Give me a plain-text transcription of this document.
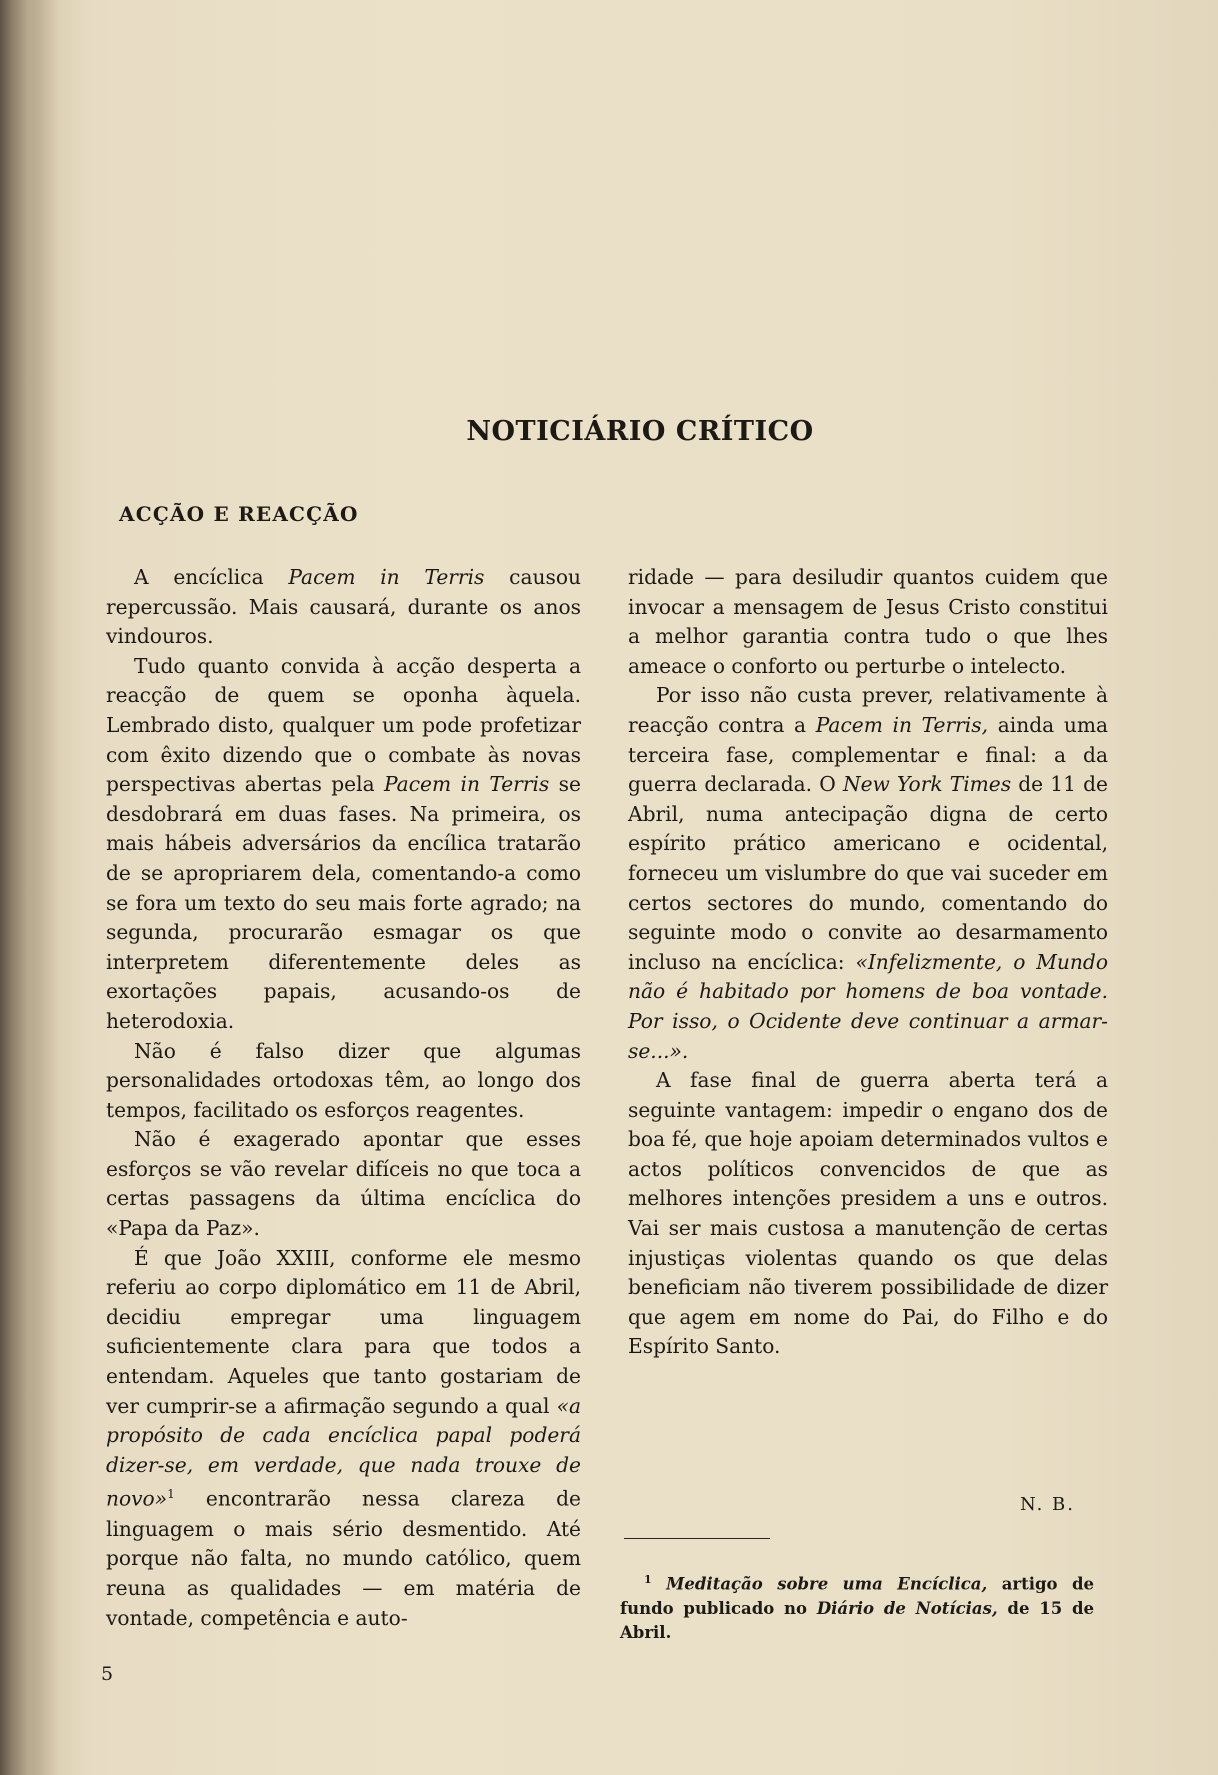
NOTICIÁRIO CRÍTICO
ACÇÃO E REACÇÃO

A encíclica Pacem in Terris causou repercussão. Mais causará, durante os anos vindouros.

Tudo quanto convida à acção desperta a reacção de quem se oponha àquela. Lembrado disto, qualquer um pode profetizar com êxito dizendo que o combate às novas perspectivas abertas pela Pacem in Terris se desdobrará em duas fases. Na primeira, os mais hábeis adversários da encílica tratarão de se apropriarem dela, comentando-a como se fora um texto do seu mais forte agrado; na segunda, procurarão esmagar os que interpretem diferentemente deles as exortações papais, acusando-os de heterodoxia.

Não é falso dizer que algumas personalidades ortodoxas têm, ao longo dos tempos, facilitado os esforços reagentes.

Não é exagerado apontar que esses esforços se vão revelar difíceis no que toca a certas passagens da última encíclica do «Papa da Paz».

É que João XXIII, conforme ele mesmo referiu ao corpo diplomático em 11 de Abril, decidiu empregar uma linguagem suficientemente clara para que todos a entendam. Aqueles que tanto gostariam de ver cumprir-se a afirmação segundo a qual «a propósito de cada encíclica papal poderá dizer-se, em verdade, que nada trouxe de novo»$^1$ encontrarão nessa clareza de linguagem o mais sério desmentido. Até porque não falta, no mundo católico, quem reuna as qualidades — em matéria de vontade, competência e auto-

ridade — para desiludir quantos cuidem que invocar a mensagem de Jesus Cristo constitui a melhor garantia contra tudo o que lhes ameace o conforto ou perturbe o intelecto.

Por isso não custa prever, relativamente à reacção contra a Pacem in Terris, ainda uma terceira fase, complementar e final: a da guerra declarada. O New York Times de 11 de Abril, numa antecipação digna de certo espírito prático americano e ocidental, forneceu um vislumbre do que vai suceder em certos sectores do mundo, comentando do seguinte modo o convite ao desarmamento incluso na encíclica: «Infelizmente, o Mundo não é habitado por homens de boa vontade. Por isso, o Ocidente deve continuar a armar-se...».

A fase final de guerra aberta terá a seguinte vantagem: impedir o engano dos de boa fé, que hoje apoiam determinados vultos e actos políticos convencidos de que as melhores intenções presidem a uns e outros. Vai ser mais custosa a manutenção de certas injustiças violentas quando os que delas beneficiam não tiverem possibilidade de dizer que agem em nome do Pai, do Filho e do Espírito Santo.

N. B.

$^1$ Meditação sobre uma Encíclica, artigo de fundo publicado no Diário de Notícias, de 15 de Abril.

5
